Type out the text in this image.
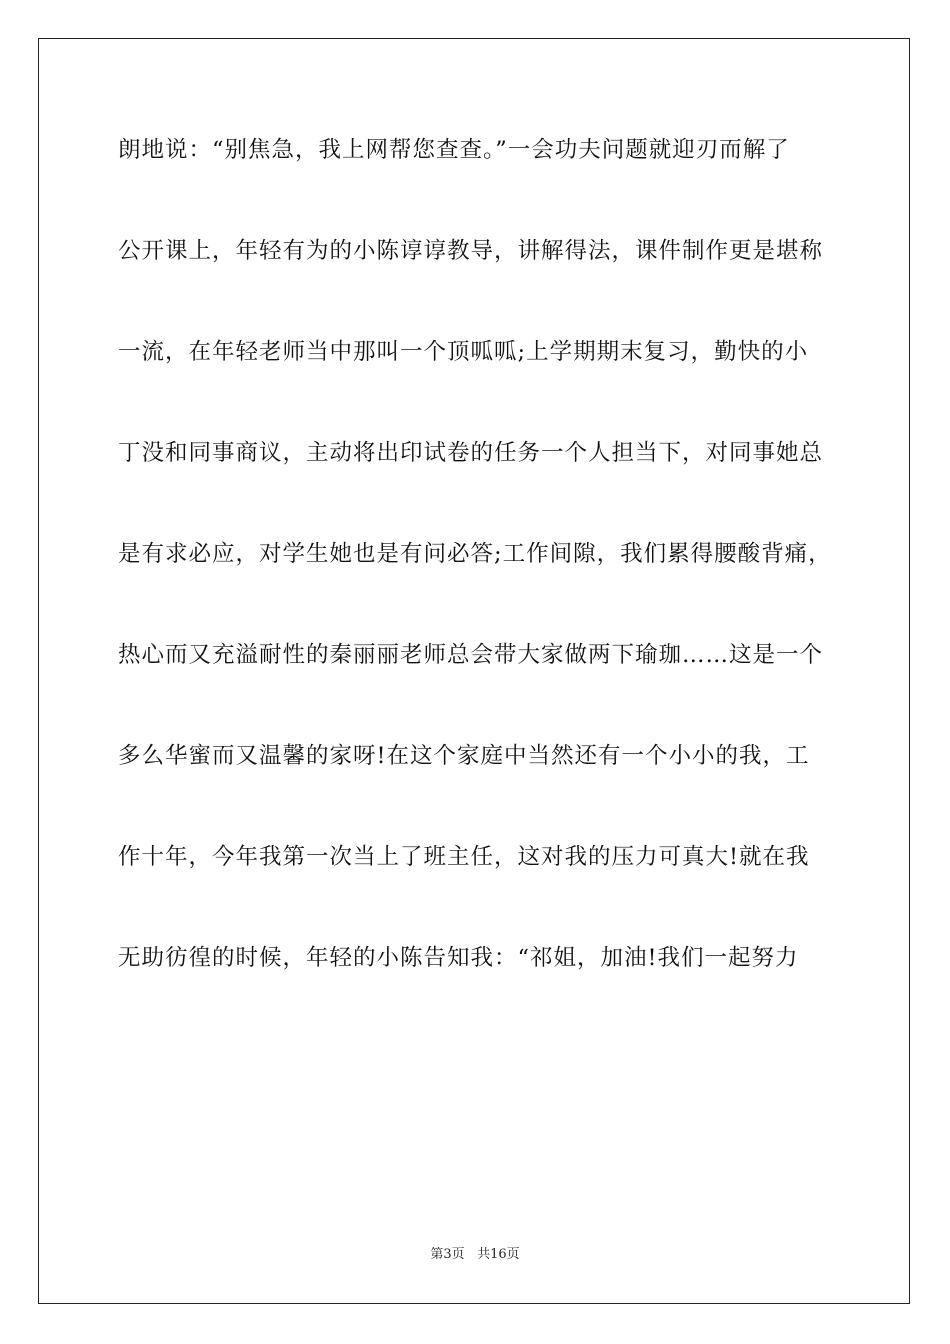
朗地说：“别焦急，我上网帮您查查。”一会功夫问题就迎刃而解了
公开课上，年轻有为的小陈谆谆教导，讲解得法，课件制作更是堪称
一流，在年轻老师当中那叫一个顶呱呱;上学期期末复习，勤快的小
丁没和同事商议，主动将出印试卷的任务一个人担当下，对同事她总
是有求必应，对学生她也是有问必答;工作间隙，我们累得腰酸背痛，
热心而又充溢耐性的秦丽丽老师总会带大家做两下瑜珈……这是一个
多么华蜜而又温馨的家呀!在这个家庭中当然还有一个小小的我，工
作十年，今年我第一次当上了班主任，这对我的压力可真大!就在我
无助彷徨的时候，年轻的小陈告知我：“祁姐，加油!我们一起努力
第3页 共16页
